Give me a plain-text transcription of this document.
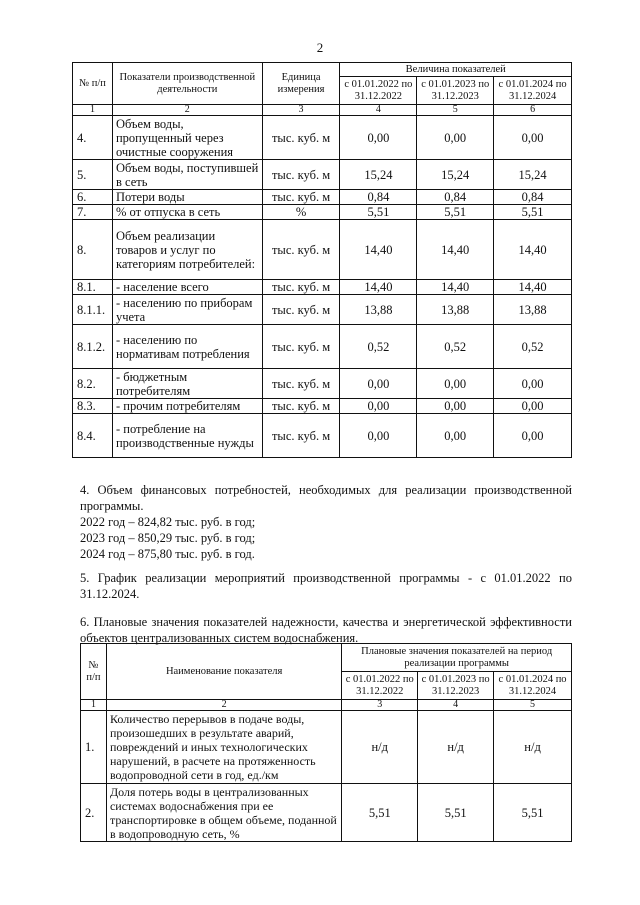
2
№ п/п	Показатели производственной деятельности	Единица измерения	Величина показателей		
			с 01.01.2022 по 31.12.2022	с 01.01.2023 по 31.12.2023	с 01.01.2024 по 31.12.2024
1	2	3	4	5	6
4.	Объем воды, пропущенный через очистные сооружения	тыс. куб. м	0,00	0,00	0,00
5.	Объем воды, поступившей в сеть	тыс. куб. м	15,24	15,24	15,24
6.	Потери воды	тыс. куб. м	0,84	0,84	0,84
7.	% от отпуска в сеть	%	5,51	5,51	5,51
8.	Объем реализации товаров и услуг по категориям потребителей:	тыс. куб. м	14,40	14,40	14,40
8.1.	- население всего	тыс. куб. м	14,40	14,40	14,40
8.1.1.	- населению по приборам учета	тыс. куб. м	13,88	13,88	13,88
8.1.2.	- населению по нормативам потребления	тыс. куб. м	0,52	0,52	0,52
8.2.	- бюджетным потребителям	тыс. куб. м	0,00	0,00	0,00
8.3.	- прочим потребителям	тыс. куб. м	0,00	0,00	0,00
8.4.	- потребление на производственные нужды	тыс. куб. м	0,00	0,00	0,00

4. Объем финансовых потребностей, необходимых для реализации производственной программы.

2022 год – 824,82 тыс. руб. в год;

2023 год – 850,29 тыс. руб. в год;

2024 год – 875,80 тыс. руб. в год.

5. График реализации мероприятий производственной программы - с 01.01.2022 по 31.12.2024.

6. Плановые значения показателей надежности, качества и энергетической эффективности объектов централизованных систем водоснабжения.

№ п/п	Наименование показателя	Плановые значения показателей на период реализации программы		
		с 01.01.2022 по 31.12.2022	с 01.01.2023 по 31.12.2023	с 01.01.2024 по 31.12.2024
1	2	3	4	5
1.	Количество перерывов в подаче воды, произошедших в результате аварий, повреждений и иных технологических нарушений, в расчете на протяженность водопроводной сети в год, ед./км	н/д	н/д	н/д
2.	Доля потерь воды в централизованных системах водоснабжения при ее транспортировке в общем объеме, поданной в водопроводную сеть, %	5,51	5,51	5,51
